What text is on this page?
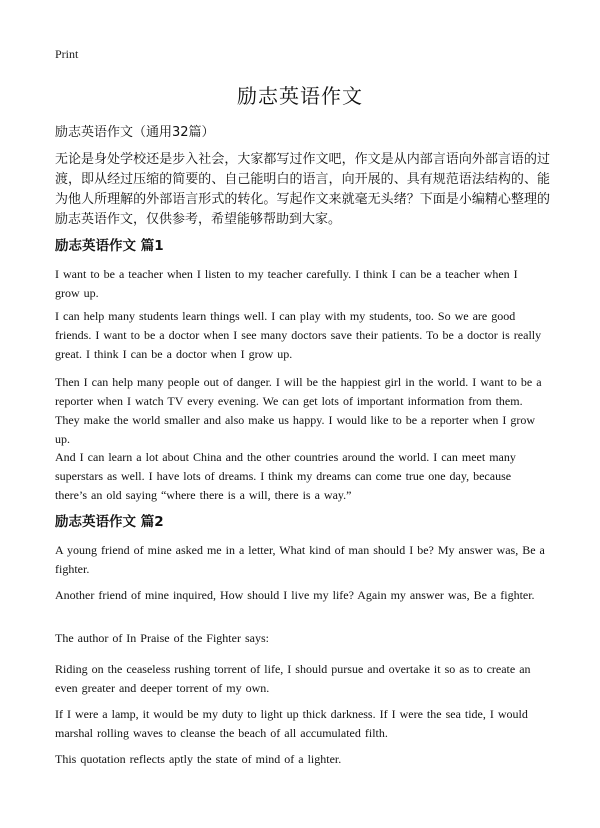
Print
励志英语作文

励志英语作文（通用32篇）

无论是身处学校还是步入社会，大家都写过作文吧，作文是从内部言语向外部言语的过渡，即从经过压缩的简要的、自己能明白的语言，向开展的、具有规范语法结构的、能为他人所理解的外部语言形式的转化。写起作文来就毫无头绪？下面是小编精心整理的励志英语作文，仅供参考，希望能够帮助到大家。

励志英语作文 篇1

I want to be a teacher when I listen to my teacher carefully. I think I can be a teacher when I grow up.

I can help many students learn things well. I can play with my students, too. So we are good friends. I want to be a doctor when I see many doctors save their patients. To be a doctor is really great. I think I can be a doctor when I grow up.

Then I can help many people out of danger. I will be the happiest girl in the world. I want to be a reporter when I watch TV every evening. We can get lots of important information from them. They make the world smaller and also make us happy. I would like to be a reporter when I grow up.

And I can learn a lot about China and the other countries around the world. I can meet many superstars as well. I have lots of dreams. I think my dreams can come true one day, because there’s an old saying “where there is a will, there is a way.”

励志英语作文 篇2

A young friend of mine asked me in a letter, What kind of man should I be? My answer was, Be a fighter.

Another friend of mine inquired, How should I live my life? Again my answer was, Be a fighter.

The author of In Praise of the Fighter says:

Riding on the ceaseless rushing torrent of life, I should pursue and overtake it so as to create an even greater and deeper torrent of my own.

If I were a lamp, it would be my duty to light up thick darkness. If I were the sea tide, I would marshal rolling waves to cleanse the beach of all accumulated filth.

This quotation reflects aptly the state of mind of a lighter.
